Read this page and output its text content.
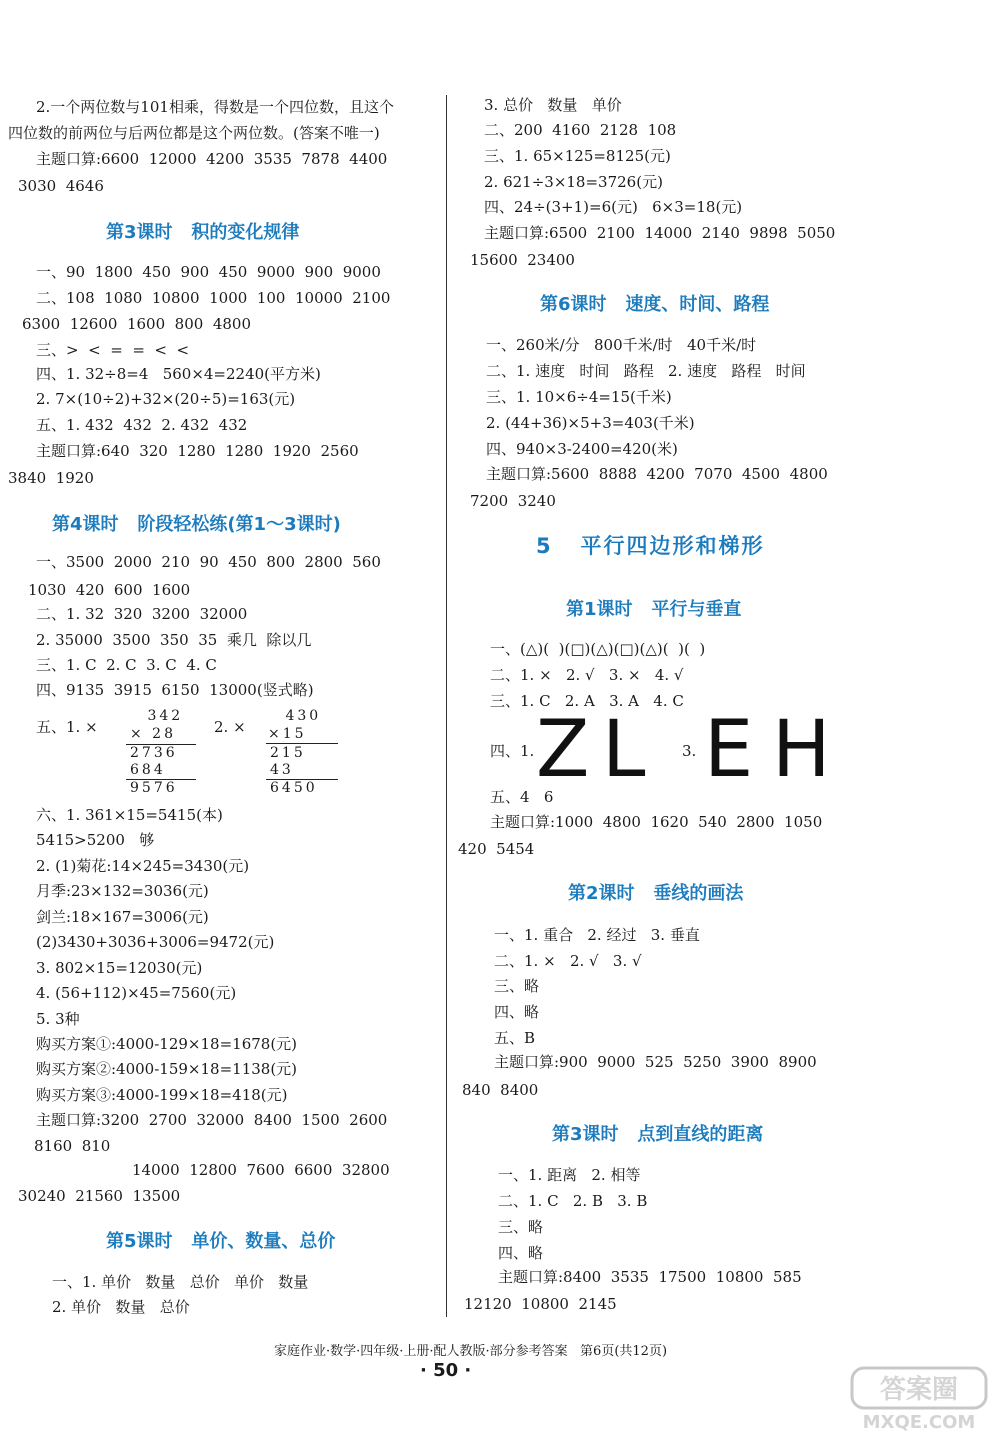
2.一个两位数与101相乘，得数是一个四位数，且这个
四位数的前两位与后两位都是这个两位数。(答案不唯一)
主题口算:6600  12000  4200  3535  7878  4400
3030  4646
第3课时   积的变化规律
一、90  1800  450  900  450  9000  900  9000
二、108  1080  10800  1000  100  10000  2100
6300  12600  1600  800  4800
三、>  <  =  =  <  <
四、1. 32÷8=4   560×4=2240(平方米)
2. 7×(10÷2)+32×(20÷5)=163(元)
五、1. 432  432  2. 432  432
主题口算:640  320  1280  1280  1920  2560
3840  1920
第4课时   阶段轻松练(第1～3课时)
一、3500  2000  210  90  450  800  2800  560
1030  420  600  1600
二、1. 32  320  3200  32000
2. 35000  3500  350  35  乘几  除以几
三、1. C  2. C  3. C  4. C
四、9135  3915  6150  13000(竖式略)
五、1. ×	2. ×
342
× 28
2736
684
9576
430
×15
215
43
6450
六、1. 361×15=5415(本)
5415>5200   够
2. (1)菊花:14×245=3430(元)
月季:23×132=3036(元)
剑兰:18×167=3006(元)
(2)3430+3036+3006=9472(元)
3. 802×15=12030(元)
4. (56+112)×45=7560(元)
5. 3种
购买方案①:4000-129×18=1678(元)
购买方案②:4000-159×18=1138(元)
购买方案③:4000-199×18=418(元)
主题口算:3200  2700  32000  8400  1500  2600
8160  810
14000  12800  7600  6600  32800
30240  21560  13500
第5课时   单价、数量、总价
一、1. 单价   数量   总价   单价   数量
2. 单价   数量   总价
3. 总价   数量   单价
二、200  4160  2128  108
三、1. 65×125=8125(元)
2. 621÷3×18=3726(元)
四、24÷(3+1)=6(元)   6×3=18(元)
主题口算:6500  2100  14000  2140  9898  5050
15600  23400
第6课时   速度、时间、路程
一、260米/分   800千米/时   40千米/时
二、1. 速度   时间   路程   2. 速度   路程   时间
三、1. 10×6÷4=15(千米)
2. (44+36)×5+3=403(千米)
四、940×3-2400=420(米)
主题口算:5600  8888  4200  7070  4500  4800
7200  3240
5   平行四边形和梯形
第1课时   平行与垂直
一、(△)(  )(□)(△)(□)(△)(  )(  )
二、1. ×   2. √   3. ×   4. √
三、1. C   2. A   3. A   4. C
四、1. Z L 3. E H
五、4   6
主题口算:1000  4800  1620  540  2800  1050
420  5454
第2课时   垂线的画法
一、1. 重合   2. 经过   3. 垂直
二、1. ×   2. √   3. √
三、略
四、略
五、B
主题口算:900  9000  525  5250  3900  8900
840  8400
第3课时   点到直线的距离
一、1. 距离   2. 相等
二、1. C   2. B   3. B
三、略
四、略
主题口算:8400  3535  17500  10800  585
12120  10800  2145
家庭作业·数学·四年级·上册·配人教版·部分参考答案   第6页(共12页)
· 50 ·
答案圈
MXQE.COM
